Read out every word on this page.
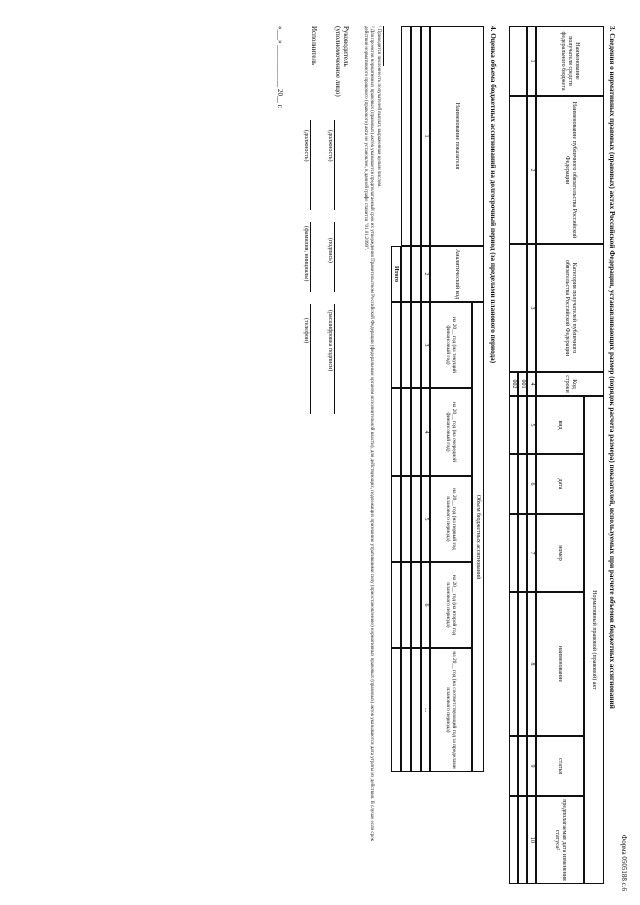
Форма 0505188 с.6
3. Сведения о нормативных правовых (правовых) актах Российской Федерации, устанавливающих размер (порядок расчета размера) показателей, используемых при расчете объемов бюджетных ассигнований
Наименование получателя средств федерального бюджета
Наименование публичного обязательства Российской Федерации
Категория получателей публичного обязательства Российской Федерации
Код строки
Нормативный правовой (правовой) акт
вид
дата
номер
наименование
статья
предполагаемая дата изменения статуса²
1
2
3
4
5
6
7
8
9
10
001
002
4. Оценка объема бюджетных ассигнований на долгосрочный период (за пределами планового периода)
Наименование показателя
Аналитический код
Объем бюджетных ассигнований
на 20__ год (на текущий финансовый год)
на 20__ год (на очередной финансовый год)
на 20__ год (на первый год планового периода)
на 20__ год (на второй год планового периода)
на 20__ год (на соответствующий год за пределами планового периода)
1
2
3
4
5
6
...
Итого
¹ Приводится численность получателей выплат, выраженная целым числом.
² Для проектов нормативных правовых (правовых) актов указывается предполагаемый срок их утверждения Правительством Российской Федерации (федеральным органом исполнительной власти), для действующих, подлежащих признанию утратившими силу (приостановлению) нормативных правовых (правовых) актов указываются дата утраты их действия. В случае если срок действия нормативного правового (правового) акта не установлен, в данной графе ставится "01.01.2099".
Руководитель
(уполномоченное лицо)
(должность)
(подпись)
(расшифровка подписи)
Исполнитель
(должность)
(фамилия, инициалы)
(телефон)
«___» ____________ 20__ г.
